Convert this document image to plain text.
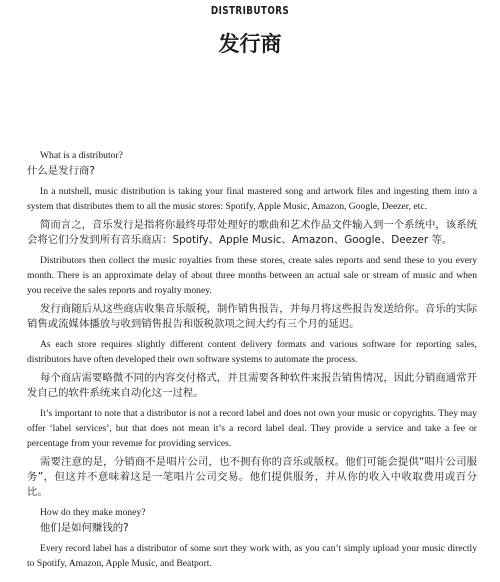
DISTRIBUTORS
发行商

What is a distributor?

什么是发行商?

In a nutshell, music distribution is taking your final mastered song and artwork files and ingesting them into a system that distributes them to all the music stores: Spotify, Apple Music, Amazon, Google, Deezer, etc.

简而言之，音乐发行是指将你最终母带处理好的歌曲和艺术作品文件输入到一个系统中，该系统会将它们分发到所有音乐商店：Spotify、Apple Music、Amazon、Google、Deezer 等。

Distributors then collect the music royalties from these stores, create sales reports and send these to you every month. There is an approximate delay of about three months between an actual sale or stream of music and when you receive the sales reports and royalty money.

发行商随后从这些商店收集音乐版税，制作销售报告，并每月将这些报告发送给你。音乐的实际销售或流媒体播放与收到销售报告和版税款项之间大约有三个月的延迟。

As each store requires slightly different content delivery formats and various software for reporting sales, distributors have often developed their own software systems to automate the process.

每个商店需要略微不同的内容交付格式，并且需要各种软件来报告销售情况，因此分销商通常开发自己的软件系统来自动化这一过程。

It’s important to note that a distributor is not a record label and does not own your music or copyrights. They may offer ‘label services’, but that does not mean it’s a record label deal. They provide a service and take a fee or percentage from your revenue for providing services.

需要注意的是，分销商不是唱片公司，也不拥有你的音乐或版权。他们可能会提供“唱片公司服务”，但这并不意味着这是一笔唱片公司交易。他们提供服务，并从你的收入中收取费用或百分比。

How do they make money?

他们是如何赚钱的?

Every record label has a distributor of some sort they work with, as you can’t simply upload your music directly to Spotify, Amazon, Apple Music, and Beatport.
